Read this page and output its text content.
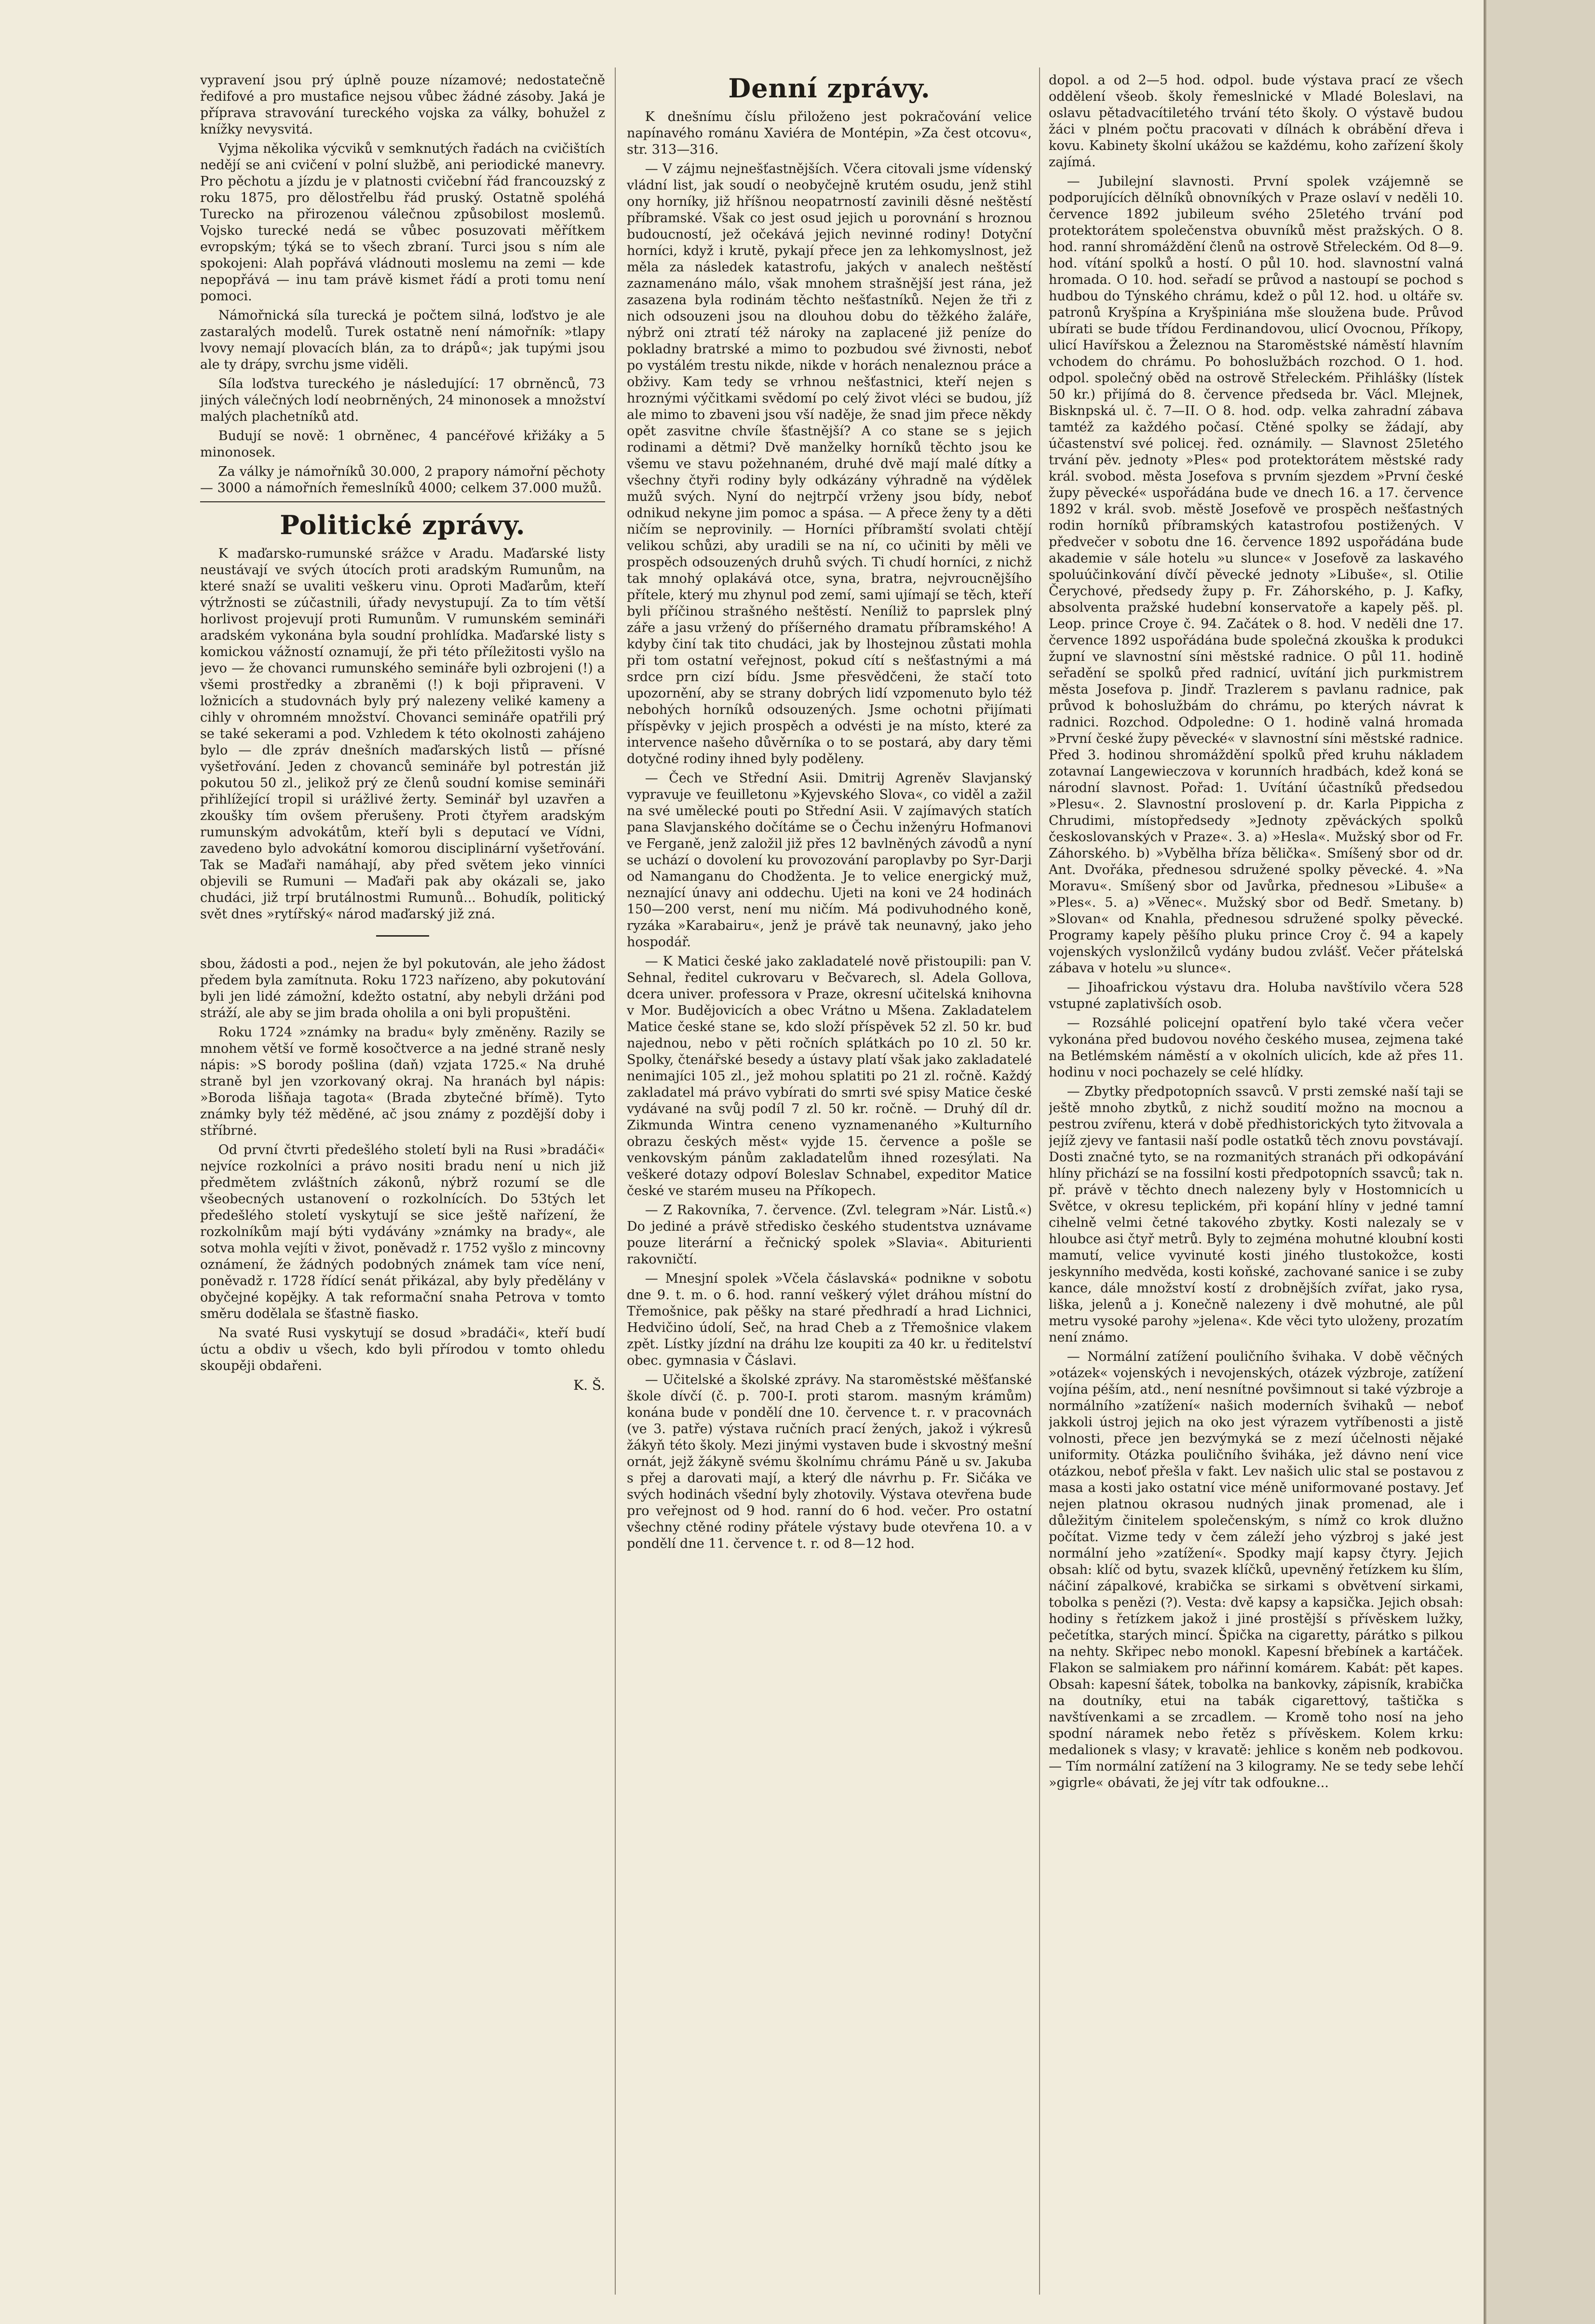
vypravení jsou prý úplně pouze nízamové; nedostatečně ředifové a pro mustafice nejsou vůbec žádné zásoby. Jaká je příprava stravování tureckého vojska za války, bohužel z knížky nevysvitá.

Vyjma několika výcviků v semknutých řadách na cvičištích nedějí se ani cvičení v polní službě, ani periodické manevry. Pro pěchotu a jízdu je v platnosti cvičební řád francouzský z roku 1875, pro dělostřelbu řád pruský. Ostatně spoléhá Turecko na přirozenou válečnou způsobilost moslemů. Vojsko turecké nedá se vůbec posuzovati měřítkem evropským; týká se to všech zbraní. Turci jsou s ním ale spokojeni: Alah popřává vládnouti moslemu na zemi — kde nepopřává — inu tam právě kismet řádí a proti tomu není pomoci.

Námořnická síla turecká je počtem silná, loďstvo je ale zastaralých modelů. Turek ostatně není námořník: »tlapy lvovy nemají plovacích blán, za to drápů«; jak tupými jsou ale ty drápy, svrchu jsme viděli.

Síla loďstva tureckého je následující: 17 obrněnců, 73 jiných válečných lodí neobrněných, 24 minonosek a množství malých plachetníků atd.

Budují se nově: 1 obrněnec, 4 pancéřové křižáky a 5 minonosek.

Za války je námořníků 30.000, 2 prapory námořní pěchoty — 3000 a námořních řemeslníků 4000; celkem 37.000 mužů.

Politické zprávy.

K maďarsko-rumunské srážce v Aradu. Maďarské listy neustávají ve svých útocích proti aradským Rumunům, na které snaží se uvaliti veškeru vinu. Oproti Maďarům, kteří výtržnosti se zúčastnili, úřady nevystupují. Za to tím větší horlivost projevují proti Rumunům. V rumunském semináři aradském vykonána byla soudní prohlídka. Maďarské listy s komickou vážností oznamují, že při této příležitosti vyšlo na jevo — že chovanci rumunského semináře byli ozbrojeni (!) a všemi prostředky a zbraněmi (!) k boji připraveni. V ložnicích a studovnách byly prý nalezeny veliké kameny a cihly v ohromném množství. Chovanci semináře opatřili prý se také sekerami a pod. Vzhledem k této okolnosti zahájeno bylo — dle zpráv dnešních maďarských listů — přísné vyšetřování. Jeden z chovanců semináře byl potrestán již pokutou 50 zl., jelikož prý ze členů soudní komise semináři přihlížející tropil si urážlivé žerty. Seminář byl uzavřen a zkoušky tím ovšem přerušeny. Proti čtyřem aradským rumunským advokátům, kteří byli s deputací ve Vídni, zavedeno bylo advokátní komorou disciplinární vyšetřování. Tak se Maďaři namáhají, aby před světem jeko vinníci objevili se Rumuni — Maďaři pak aby okázali se, jako chudáci, již trpí brutálnostmi Rumunů... Bohudík, politický svět dnes »rytířský« národ maďarský již zná.

sbou, žádosti a pod., nejen že byl pokutován, ale jeho žádost předem byla zamítnuta. Roku 1723 nařízeno, aby pokutování byli jen lidé zámožní, kdežto ostatní, aby nebyli držáni pod stráží, ale aby se jim brada oholila a oni byli propuštěni.

Roku 1724 »známky na bradu« byly změněny. Razily se mnohem větší ve formě kosočtverce a na jedné straně nesly nápis: »S borody pošlina (daň) vzjata 1725.« Na druhé straně byl jen vzorkovaný okraj. Na hranách byl nápis: »Boroda lišňaja tagota« (Brada zbytečné břímě). Tyto známky byly též měděné, ač jsou známy z pozdější doby i stříbrné.

Od první čtvrti předešlého století byli na Rusi »bradáči« nejvíce rozkolníci a právo nositi bradu není u nich již předmětem zvláštních zákonů, nýbrž rozumí se dle všeobecných ustanovení o rozkolnících. Do 53tých let předešlého století vyskytují se sice ještě nařízení, že rozkolníkům mají býti vydávány »známky na brady«, ale sotva mohla vejíti v život, poněvadž r. 1752 vyšlo z mincovny oznámení, že žádných podobných známek tam více není, poněvadž r. 1728 řídící senát přikázal, aby byly předělány v obyčejné kopějky. A tak reformační snaha Petrova v tomto směru dodělala se šťastně fiasko.

Na svaté Rusi vyskytují se dosud »bradáči«, kteří budí úctu a obdiv u všech, kdo byli přírodou v tomto ohledu skoupěji obdařeni.

K. Š.
Denní zprávy.

K dnešnímu číslu přiloženo jest pokračování velice napínavého románu Xaviéra de Montépin, »Za čest otcovu«, str. 313—316.

— V zájmu nejnešťastnějších. Včera citovali jsme vídenský vládní list, jak soudí o neobyčejně krutém osudu, jenž stihl ony horníky, již hříšnou neopatrností zavinili děsné neštěstí příbramské. Však co jest osud jejich u porovnání s hroznou budoucností, jež očekává jejich nevinné rodiny! Dotyční horníci, když i krutě, pykají přece jen za lehkomyslnost, jež měla za následek katastrofu, jakých v analech neštěstí zaznamenáno málo, však mnohem strašnější jest rána, jež zasazena byla rodinám těchto nešťastníků. Nejen že tři z nich odsouzeni jsou na dlouhou dobu do těžkého žaláře, nýbrž oni ztratí též nároky na zaplacené již peníze do pokladny bratrské a mimo to pozbudou své živnosti, neboť po vystálém trestu nikde, nikde v horách nenaleznou práce a obživy. Kam tedy se vrhnou nešťastnici, kteří nejen s hroznými výčitkami svědomí po celý život vléci se budou, jíž ale mimo to zbaveni jsou vší naděje, že snad jim přece někdy opět zasvitne chvíle šťastnější? A co stane se s jejich rodinami a dětmi? Dvě manželky horníků těchto jsou ke všemu ve stavu požehnaném, druhé dvě mají malé dítky a všechny čtyři rodiny byly odkázány výhradně na výdělek mužů svých. Nyní do nejtrpčí vrženy jsou bídy, neboť odnikud nekyne jim pomoc a spása. — A přece ženy ty a děti ničím se neprovinily. — Horníci příbramští svolati chtějí velikou schůzi, aby uradili se na ní, co učiniti by měli ve prospěch odsouzených druhů svých. Ti chudí horníci, z nichž tak mnohý oplakává otce, syna, bratra, nejvroucnějšího přítele, který mu zhynul pod zemí, sami ujímají se těch, kteří byli příčinou strašného neštěstí. Neníliž to paprslek plný záře a jasu vržený do příšerného dramatu příbramského! A kdyby činí tak tito chudáci, jak by lhostejnou zůstati mohla při tom ostatní veřejnost, pokud cítí s nešťastnými a má srdce prn cizí bídu. Jsme přesvědčeni, že stačí toto upozornění, aby se strany dobrých lidí vzpomenuto bylo též nebohých horníků odsouzených. Jsme ochotni přijímati příspěvky v jejich prospěch a odvésti je na místo, které za intervence našeho důvěrníka o to se postará, aby dary těmi dotyčné rodiny ihned byly poděleny.

— Čech ve Střední Asii. Dmitrij Agreněv Slavjanský vypravuje ve feuilletonu »Kyjevského Slova«, co viděl a zažil na své umělecké pouti po Střední Asii. V zajímavých statích pana Slavjanského dočítáme se o Čechu inženýru Hofmanovi ve Ferganě, jenž založil již přes 12 bavlněných závodů a nyní se uchází o dovolení ku provozování paroplavby po Syr-Darji od Namanganu do Chodženta. Je to velice energický muž, neznající únavy ani oddechu. Ujeti na koni ve 24 hodinách 150—200 verst, není mu ničím. Má podivuhodného koně, ryzáka »Karabairu«, jenž je právě tak neunavný, jako jeho hospodář.

— K Matici české jako zakladatelé nově přistoupili: pan V. Sehnal, ředitel cukrovaru v Bečvarech, sl. Adela Gollova, dcera univer. professora v Praze, okresní učitelská knihovna v Mor. Budějovicích a obec Vrátno u Mšena. Zakladatelem Matice české stane se, kdo složí příspěvek 52 zl. 50 kr. buď najednou, nebo v pěti ročních splátkách po 10 zl. 50 kr. Spolky, čtenářské besedy a ústavy platí však jako zakladatelé nenimajíci 105 zl., jež mohou splatiti po 21 zl. ročně. Každý zakladatel má právo vybírati do smrti své spisy Matice české vydávané na svůj podíl 7 zl. 50 kr. ročně. — Druhý díl dr. Zikmunda Wintra ceneno vyznamenaného »Kulturního obrazu českých měst« vyjde 15. července a pošle se venkovským pánům zakladatelům ihned rozesýlati. Na veškeré dotazy odpoví Boleslav Schnabel, expeditor Matice české ve starém museu na Příkopech.

— Z Rakovníka, 7. července. (Zvl. telegram »Nár. Listů.«) Do jediné a právě středisko českého studentstva uznávame pouze literární a řečnický spolek »Slavia«. Abiturienti rakovničtí.

— Mnesjní spolek »Včela čáslavská« podnikne v sobotu dne 9. t. m. o 6. hod. ranní veškerý výlet dráhou místní do Třemošnice, pak pěšky na staré předhradí a hrad Lichnici, Hedvičino údolí, Seč, na hrad Cheb a z Třemošnice vlakem zpět. Lístky jízdní na dráhu lze koupiti za 40 kr. u ředitelství obec. gymnasia v Čáslavi.

— Učitelské a školské zprávy. Na staroměstské měšťanské škole dívčí (č. p. 700-I. proti starom. masným krámům) konána bude v pondělí dne 10. července t. r. v pracovnách (ve 3. patře) výstava ručních prací žených, jakož i výkresů žákyň této školy. Mezi jinými vystaven bude i skvostný mešní ornát, jejž žákyně svému školnímu chrámu Páně u sv. Jakuba s přej a darovati mají, a který dle návrhu p. Fr. Sičáka ve svých hodinách všední byly zhotovily. Výstava otevřena bude pro veřejnost od 9 hod. ranní do 6 hod. večer. Pro ostatní všechny ctěné rodiny přátele výstavy bude otevřena 10. a v pondělí dne 11. července t. r. od 8—12 hod.

dopol. a od 2—5 hod. odpol. bude výstava prací ze všech oddělení všeob. školy řemeslnické v Mladé Boleslavi, na oslavu pětadvacítiletého trvání této školy. O výstavě budou žáci v plném počtu pracovati v dílnách k obrábění dřeva i kovu. Kabinety školní ukážou se každému, koho zařízení školy zajímá.

— Jubilejní slavnosti. První spolek vzájemně se podporujících dělníků obnovníkých v Praze oslaví v neděli 10. července 1892 jubileum svého 25letého trvání pod protektorátem společenstva obuvníků měst pražských. O 8. hod. ranní shromáždění členů na ostrově Střeleckém. Od 8—9. hod. vítání spolků a hostí. O půl 10. hod. slavnostní valná hromada. O 10. hod. seřadí se průvod a nastoupí se pochod s hudbou do Týnského chrámu, kdež o půl 12. hod. u oltáře sv. patronů Kryšpína a Kryšpiniána mše sloužena bude. Průvod ubírati se bude třídou Ferdinandovou, ulicí Ovocnou, Příkopy, ulicí Havířskou a Železnou na Staroměstské náměstí hlavním vchodem do chrámu. Po bohoslužbách rozchod. O 1. hod. odpol. společný oběd na ostrově Střeleckém. Přihlášky (lístek 50 kr.) přijímá do 8. července předseda br. Václ. Mlejnek, Bisknpská ul. č. 7—II. O 8. hod. odp. velka zahradní zábava tamtéž za každého počasí. Ctěné spolky se žádají, aby účastenství své policej. řed. oznámily. — Slavnost 25letého trvání pěv. jednoty »Ples« pod protektorátem městské rady král. svobod. města Josefova s prvním sjezdem »První české župy pěvecké« uspořádána bude ve dnech 16. a 17. července 1892 v král. svob. městě Josefově ve prospěch nešťastných rodin horníků příbramských katastrofou postižených. V předvečer v sobotu dne 16. července 1892 uspořádána bude akademie v sále hotelu »u slunce« v Josefově za laskavého spoluúčinkování dívčí pěvecké jednoty »Libuše«, sl. Otilie Čerychové, předsedy župy p. Fr. Záhorského, p. J. Kafky, absolventa pražské hudební konservatoře a kapely pěš. pl. Leop. prince Croye č. 94. Začátek o 8. hod. V neděli dne 17. července 1892 uspořádána bude společná zkouška k produkci župní ve slavnostní síni městské radnice. O půl 11. hodině seřadění se spolků před radnicí, uvítání jich purkmistrem města Josefova p. Jindř. Trazlerem s pavlanu radnice, pak průvod k bohoslužbám do chrámu, po kterých návrat k radnici. Rozchod. Odpoledne: O 1. hodině valná hromada »První české župy pěvecké« v slavnostní síni městské radnice. Před 3. hodinou shromáždění spolků před kruhu nákladem zotavnaí Langewieczova v korunních hradbách, kdež koná se národní slavnost. Pořad: 1. Uvítání účastníků předsedou »Plesu«. 2. Slavnostní proslovení p. dr. Karla Pippicha z Chrudimi, místopředsedy »Jednoty zpěváckých spolků českoslovanských v Praze«. 3. a) »Hesla«. Mužský sbor od Fr. Záhorského. b) »Vybělha bříza bělička«. Smíšený sbor od dr. Ant. Dvořáka, přednesou sdružené spolky pěvecké. 4. »Na Moravu«. Smíšený sbor od Javůrka, přednesou »Libuše« a »Ples«. 5. a) »Věnec«. Mužský sbor od Bedř. Smetany. b) »Slovan« od Knahla, přednesou sdružené spolky pěvecké. Programy kapely pěšího pluku prince Croy č. 94 a kapely vojenských vyslonžilců vydány budou zvlášť. Večer přátelská zábava v hotelu »u slunce«.

— Jihoafrickou výstavu dra. Holuba navštívilo včera 528 vstupné zaplativších osob.

— Rozsáhlé policejní opatření bylo také včera večer vykonána před budovou nového českého musea, zejmena také na Betlémském náměstí a v okolních ulicích, kde až přes 11. hodinu v noci pochazely se celé hlídky.

— Zbytky předpotopních ssavců. V prsti zemské naší taji se ještě mnoho zbytků, z nichž soudití možno na mocnou a pestrou zvířenu, která v době předhistorických tyto žitvovala a jejíž zjevy ve fantasii naší podle ostatků těch znovu povstávají. Dosti značné tyto, se na rozmanitých stranách při odkopávání hlíny přichází se na fossilní kosti předpotopních ssavců; tak n. př. právě v těchto dnech nalezeny byly v Hostomnicích u Světce, v okresu teplickém, při kopání hlíny v jedné tamní cihelně velmi četné takového zbytky. Kosti nalezaly se v hloubce asi čtyř metrů. Byly to zejména mohutné kloubní kosti mamutí, velice vyvinuté kosti jiného tlustokožce, kosti jeskynního medvěda, kosti koňské, zachované sanice i se zuby kance, dále množství kostí z drobnějších zvířat, jako rysa, liška, jelenů a j. Konečně nalezeny i dvě mohutné, ale půl metru vysoké parohy »jelena«. Kde věci tyto uloženy, prozatím není známo.

— Normální zatížení pouličního švihaka. V době věčných »otázek« vojenských i nevojenských, otázek výzbroje, zatížení vojína péším, atd., není nesnítné povšimnout si také výzbroje a normálního »zatížení« našich moderních švihaků — neboť jakkoli ústroj jejich na oko jest výrazem vytříbenosti a jistě volnosti, přece jen bezvýmyká se z mezí účelnosti nějaké uniformity. Otázka pouličního šviháka, jež dávno není vice otázkou, neboť přešla v fakt. Lev našich ulic stal se postavou z masa a kosti jako ostatní vice méně uniformované postavy. Jeť nejen platnou okrasou nudných jinak promenad, ale i důležitým činitelem společenským, s nímž co krok dlužno počítat. Vizme tedy v čem záleží jeho výzbroj s jaké jest normální jeho »zatížení«. Spodky mají kapsy čtyry. Jejich obsah: klíč od bytu, svazek klíčků, upevněný řetízkem ku šlím, náčiní zápalkové, krabička se sirkami s obvětvení sirkami, tobolka s penězi (?). Vesta: dvě kapsy a kapsička. Jejich obsah: hodiny s řetízkem jakož i jiné prostější s přívěskem lužky, pečetítka, starých mincí. Špička na cigaretty, párátko s pilkou na nehty. Skřipec nebo monokl. Kapesní břebínek a kartáček. Flakon se salmiakem pro nářinní komárem. Kabát: pět kapes. Obsah: kapesní šátek, tobolka na bankovky, zápisník, krabička na doutníky, etui na tabák cigarettový, taštička s navštívenkami a se zrcadlem. — Kromě toho nosí na jeho spodní náramek nebo řetěz s přívěskem. Kolem krku: medalionek s vlasy; v kravatě: jehlice s koněm neb podkovou. — Tím normální zatížení na 3 kilogramy. Ne se tedy sebe lehčí »gigrle« obávati, že jej vítr tak odfoukne...
